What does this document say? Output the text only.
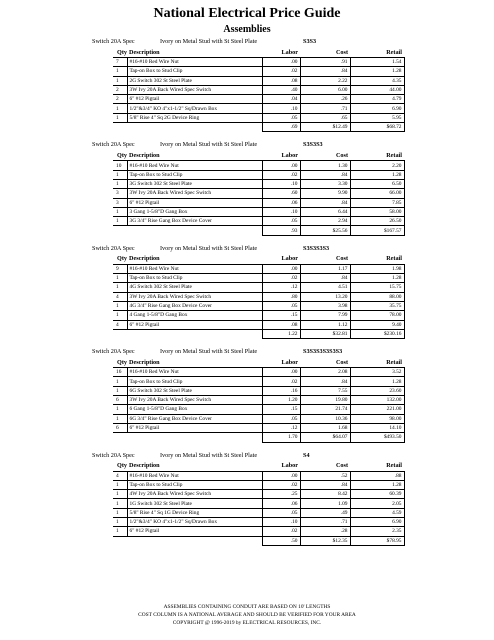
National Electrical Price Guide
Assemblies
Switch 20A Spec	Ivory on Metal Stud with St Steel Plate	S3S3
Qty	Description	Labor	Cost	Retail
7	#16-#10 Red Wire Nut	.00	.91	1.54
1	Tap-on Box to Stud Clip	.02	.84	1.28
1	2G Switch 302 St Steel Plate	.08	2.22	4.35
2	3W Ivy 20A Back Wired Spec Switch	.40	6.00	44.00
2	6" #12 Pigtail	.04	.26	4.79
1	1/2"&3/4" KO 4"x1-1/2" Sq/Drawn Box	.10	.71	6.90
1	5/8" Rise 4" Sq 2G Device Ring	.05	.65	5.95
		.69	$12.49	$68.72
Switch 20A Spec	Ivory on Metal Stud with St Steel Plate	S3S3S3
Qty	Description	Labor	Cost	Retail
10	#16-#10 Red Wire Nut	.00	1.30	2.20
1	Tap-on Box to Stud Clip	.02	.84	1.28
1	3G Switch 302 St Steel Plate	.10	3.30	6.50
3	3W Ivy 20A Back Wired Spec Switch	.60	9.90	66.00
3	6" #12 Pigtail	.06	.84	7.85
1	3 Gang 1-5/8"D Gang Box	.10	6.44	58.00
1	3G 3/4" Rise Gang Box Device Cover	.05	2.94	26.50
		.93	$25.56	$167.57
Switch 20A Spec	Ivory on Metal Stud with St Steel Plate	S3S3S3S3
Qty	Description	Labor	Cost	Retail
9	#16-#10 Red Wire Nut	.00	1.17	1.98
1	Tap-on Box to Stud Clip	.02	.84	1.28
1	4G Switch 302 St Steel Plate	.12	4.51	15.75
4	3W Ivy 20A Back Wired Spec Switch	.80	13.20	88.00
1	4G 3/4" Rise Gang Box Device Cover	.05	3.98	35.75
1	4 Gang 1-5/8"D Gang Box	.15	7.99	78.00
4	6" #12 Pigtail	.08	1.12	9.40
		1.22	$32.81	$230.16
Switch 20A Spec	Ivory on Metal Stud with St Steel Plate	S3S3S3S3S3S3
Qty	Description	Labor	Cost	Retail
16	#16-#10 Red Wire Nut	.00	2.08	3.52
1	Tap-on Box to Stud Clip	.02	.84	1.28
1	6G Switch 302 St Steel Plate	.16	7.55	23.60
6	3W Ivy 20A Back Wired Spec Switch	1.20	19.80	132.00
1	6 Gang 1-5/8"D Gang Box	.15	21.74	221.00
1	6G 3/4" Rise Gang Box Device Cover	.05	10.36	98.00
6	6" #12 Pigtail	.12	1.68	14.10
		1.70	$64.07	$493.50
Switch 20A Spec	Ivory on Metal Stud with St Steel Plate	S4
Qty	Description	Labor	Cost	Retail
4	#16-#10 Red Wire Nut	.00	.52	.88
1	Tap-on Box to Stud Clip	.02	.84	1.28
1	4W Ivy 20A Back Wired Spec Switch	.25	8.42	60.39
1	1G Switch 302 St Steel Plate	.06	1.09	2.05
1	5/8" Rise 4" Sq 1G Device Ring	.05	.49	4.59
1	1/2"&3/4" KO 4"x1-1/2" Sq/Drawn Box	.10	.71	6.90
1	6" #12 Pigtail	.02	.28	2.35
		.50	$12.35	$78.95
ASSEMBLIES CONTAINING CONDUIT ARE BASED ON 10' LENGTHS
COST COLUMN IS A NATIONAL AVERAGE AND SHOULD BE VERIFIED FOR YOUR AREA
COPYRIGHT @ 1996-2019 by ELECTRICAL RESOURCES, INC.
